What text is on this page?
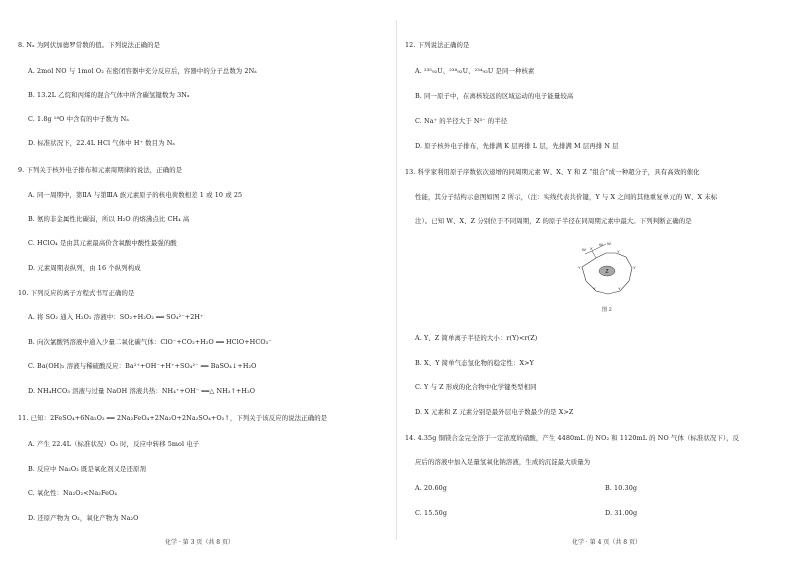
8. Nₐ 为阿伏加德罗常数的值。下列说法正确的是
A. 2mol NO 与 1mol O₂ 在密闭容器中充分反应后，容器中的分子总数为 2Nₐ
B. 13.2L 乙烷和丙烯的混合气体中所含碳氢键数为 3Nₐ
C. 1.8g ¹⁸O 中含有的中子数为 Nₐ
D. 标准状况下，22.4L HCl 气体中 H⁺ 数目为 Nₐ
9. 下列关于核外电子排布和元素周期律的说法，正确的是
A. 同一周期中，第ⅡA 与第ⅢA 族元素原子的核电荷数相差 1 或 10 或 25
B. 氨的非金属性比碳弱，所以 H₂O 的熔沸点比 CH₄ 高
C. HClO₄ 是由其元素最高价含氧酸中酸性最强的酸
D. 元素周期表纵列，由 16 个纵列构成
10. 下列反应的离子方程式书写正确的是
A. 将 SO₂ 通入 H₂O₂ 溶液中：SO₂+H₂O₂ ══ SO₄²⁻+2H⁺
B. 向次氯酸钙溶液中通入少量二氧化碳气体：ClO⁻+CO₂+H₂O ══ HClO+HCO₃⁻
C. Ba(OH)₂ 溶液与稀硫酸反应：Ba²⁺+OH⁻+H⁺+SO₄²⁻ ══ BaSO₄↓+H₂O
D. NH₄HCO₃ 溶液与过量 NaOH 溶液共热：NH₄⁺+OH⁻ ══△ NH₃↑+H₂O
11. 已知：2FeSO₄+6Na₂O₂ ══ 2Na₂FeO₄+2Na₂O+2Na₂SO₄+O₂↑，下列关于该反应的说法正确的是
A. 产生 22.4L（标准状况）O₂ 时，反应中转移 5mol 电子
B. 反应中 Na₂O₂ 既是氧化剂又是还原剂
C. 氧化性：Na₂O₂<Na₂FeO₄
D. 还原产物为 O₂，氧化产物为 Na₂O
化学 · 第 3 页（共 8 页）
12. 下列说法正确的是
A. ²³⁵₉₂U、²³⁸₉₂U、²³⁴₉₂U 是同一种核素
B. 同一原子中，在离核较远的区域运动的电子能量较高
C. Na⁺ 的半径大于 N³⁻ 的半径
D. 原子核外电子排布，先排满 K 层再排 L 层，先排满 M 层再排 N 层
13. 科学家利用原子序数依次递增的同周期元素 W、X、Y 和 Z “组合”成一种超分子，具有高效的催化
性能，其分子结构示意图如图 2 所示，（注：实线代表共价键，Y 与 X 之间的其他重复单元的 W、X 未标
注）。已知 W、X、Z 分别位于不同周期，Z 的原子半径在同周期元素中最大。下列判断正确的是
Z
W X
W W
Y	Y
Y	Y
Y
图 2
A. Y、Z 简单离子半径的大小：r(Y)<r(Z)
B. X、Y 简单气态氢化物的稳定性：X>Y
C. Y 与 Z 形成的化合物中化学键类型相同
D. X 元素和 Z 元素分别是最外层电子数最少的是 X>Z
14. 4.35g 铜镁合金完全溶于一定浓度的硝酸，产生 4480mL 的 NO₂ 和 1120mL 的 NO 气体（标准状况下），反
应后的溶液中加入足量氢氧化钠溶液，生成的沉淀最大质量为
A. 20.60g	B. 10.30g
C. 15.50g	D. 31.00g
化学 · 第 4 页（共 8 页）
